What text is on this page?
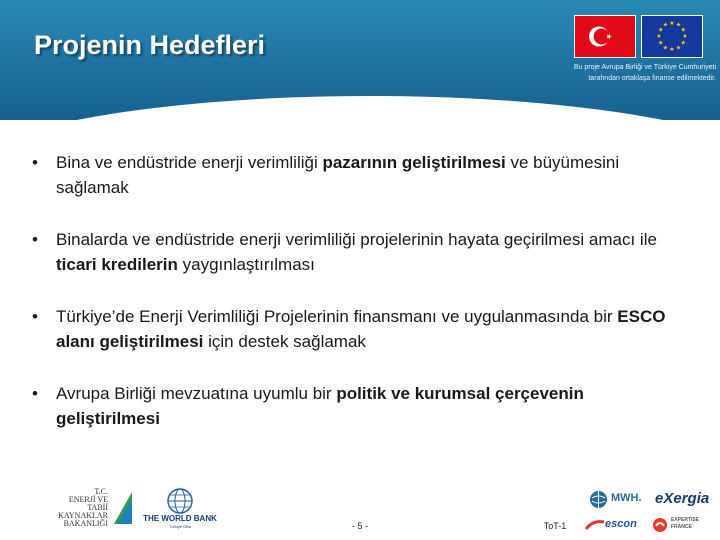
Projenin Hedefleri
★ ★
★
★
★
★
★
★
★
★
★
★
Bu proje Avrupa Birliği ve Türkiye Cumhuriyeti
tarafından ortaklaşa finanse edilmektedir.
• Bina ve endüstride enerji verimliliği pazarının geliştirilmesi ve büyümesini sağlamak
• Binalarda ve endüstride enerji verimliliği projelerinin hayata geçirilmesi amacı ile ticari kredilerin yaygınlaştırılması
• Türkiye’de Enerji Verimliliği Projelerinin finansmanı ve uygulanmasında bir ESCO alanı geliştirilmesi için destek sağlamak
• Avrupa Birliği mevzuatına uyumlu bir politik ve kurumsal çerçevenin geliştirilmesi
T.C.
ENERJİ VE
TABİİ KAYNAKLAR
BAKANLIĞI
THE WORLD BANK
Türkiye Ofisi	- 5 -	ToT-1
MWH. eXergia
escon	EXPERTISE FRANCE
